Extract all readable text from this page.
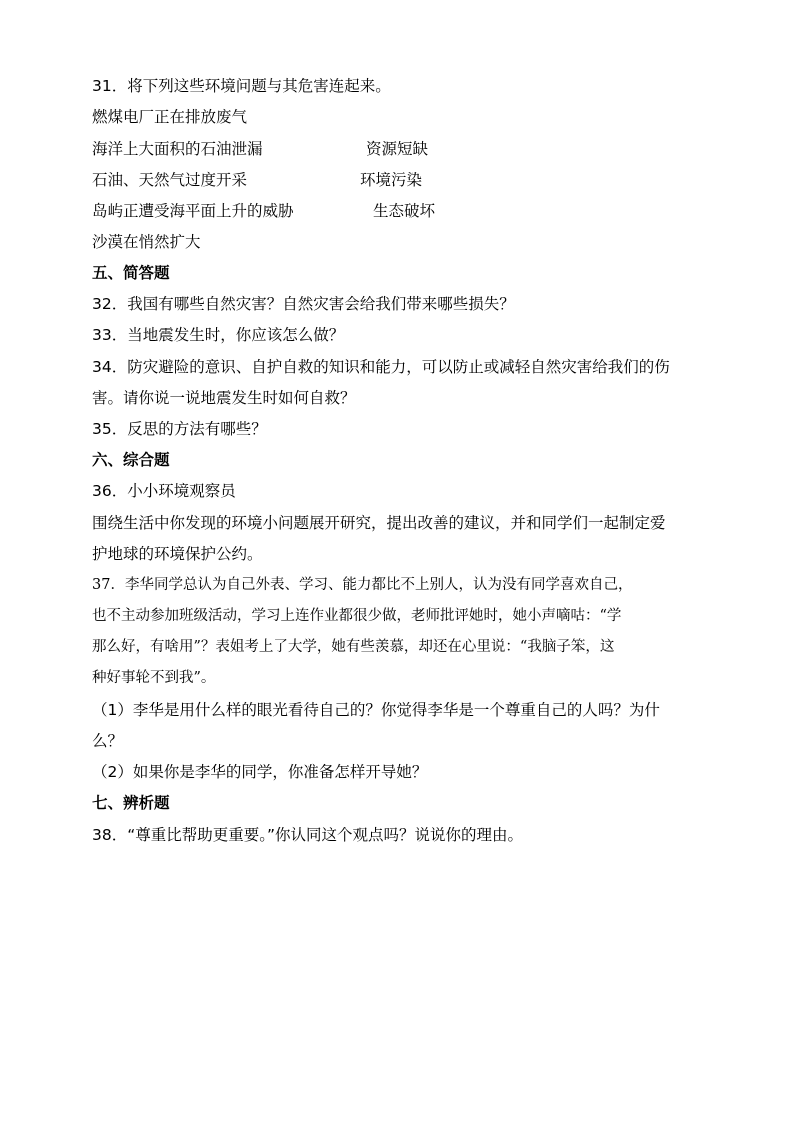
31．将下列这些环境问题与其危害连起来。
燃煤电厂正在排放废气
海洋上大面积的石油泄漏	资源短缺
石油、天然气过度开采	环境污染
岛屿正遭受海平面上升的威胁	生态破坏
沙漠在悄然扩大
五、简答题
32．我国有哪些自然灾害？自然灾害会给我们带来哪些损失？
33．当地震发生时，你应该怎么做？
34．防灾避险的意识、自护自救的知识和能力，可以防止或减轻自然灾害给我们的伤
害。请你说一说地震发生时如何自救？
35．反思的方法有哪些？
六、综合题
36．小小环境观察员
围绕生活中你发现的环境小问题展开研究，提出改善的建议，并和同学们一起制定爱
护地球的环境保护公约。
37．李华同学总认为自己外表、学习、能力都比不上别人，认为没有同学喜欢自己，
也不主动参加班级活动，学习上连作业都很少做，老师批评她时，她小声嘀咕：“学
那么好，有啥用”？表姐考上了大学，她有些羡慕，却还在心里说：“我脑子笨，这
种好事轮不到我”。
（1）李华是用什么样的眼光看待自己的？你觉得李华是一个尊重自己的人吗？为什
么？
（2）如果你是李华的同学，你准备怎样开导她？
七、辨析题
38．“尊重比帮助更重要。”你认同这个观点吗？说说你的理由。
